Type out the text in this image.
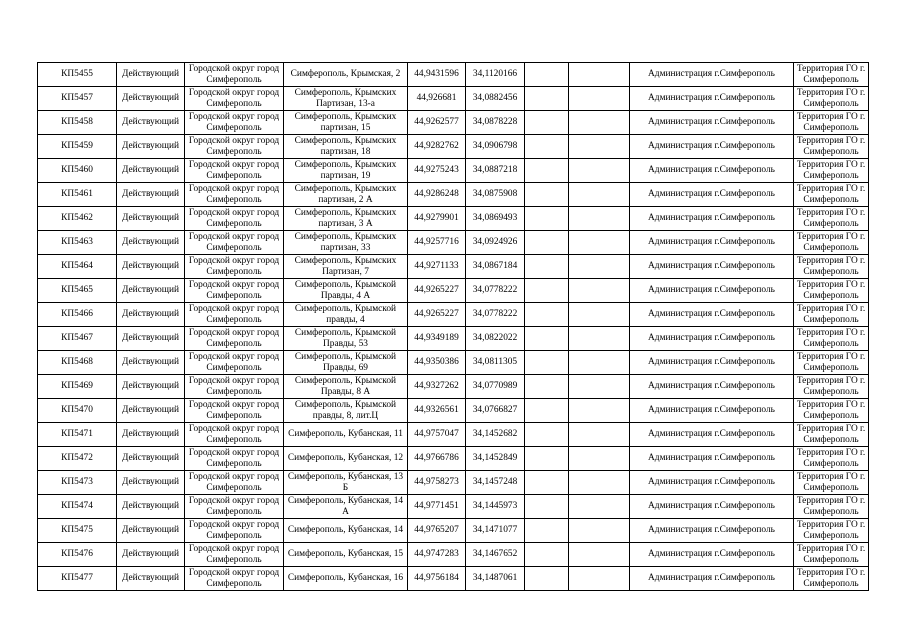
КП5455	Действующий	Городской округ город Симферополь	Симферополь, Крымская, 2	44,9431596	34,1120166			Администрация г.Симферополь	Территория ГО г. Симферополь
КП5457	Действующий	Городской округ город Симферополь	Симферополь, Крымских Партизан, 13-а	44,926681	34,0882456			Администрация г.Симферополь	Территория ГО г. Симферополь
КП5458	Действующий	Городской округ город Симферополь	Симферополь, Крымских партизан, 15	44,9262577	34,0878228			Администрация г.Симферополь	Территория ГО г. Симферополь
КП5459	Действующий	Городской округ город Симферополь	Симферополь, Крымских партизан, 18	44,9282762	34,0906798			Администрация г.Симферополь	Территория ГО г. Симферополь
КП5460	Действующий	Городской округ город Симферополь	Симферополь, Крымских партизан, 19	44,9275243	34,0887218			Администрация г.Симферополь	Территория ГО г. Симферополь
КП5461	Действующий	Городской округ город Симферополь	Симферополь, Крымских партизан, 2 А	44,9286248	34,0875908			Администрация г.Симферополь	Территория ГО г. Симферополь
КП5462	Действующий	Городской округ город Симферополь	Симферополь, Крымских партизан, 3 А	44,9279901	34,0869493			Администрация г.Симферополь	Территория ГО г. Симферополь
КП5463	Действующий	Городской округ город Симферополь	Симферополь, Крымских партизан, 33	44,9257716	34,0924926			Администрация г.Симферополь	Территория ГО г. Симферополь
КП5464	Действующий	Городской округ город Симферополь	Симферополь, Крымских Партизан, 7	44,9271133	34,0867184			Администрация г.Симферополь	Территория ГО г. Симферополь
КП5465	Действующий	Городской округ город Симферополь	Симферополь, Крымской Правды, 4 А	44,9265227	34,0778222			Администрация г.Симферополь	Территория ГО г. Симферополь
КП5466	Действующий	Городской округ город Симферополь	Симферополь, Крымской правды, 4	44,9265227	34,0778222			Администрация г.Симферополь	Территория ГО г. Симферополь
КП5467	Действующий	Городской округ город Симферополь	Симферополь, Крымской Правды, 53	44,9349189	34,0822022			Администрация г.Симферополь	Территория ГО г. Симферополь
КП5468	Действующий	Городской округ город Симферополь	Симферополь, Крымской Правды, 69	44,9350386	34,0811305			Администрация г.Симферополь	Территория ГО г. Симферополь
КП5469	Действующий	Городской округ город Симферополь	Симферополь, Крымской Правды, 8 А	44,9327262	34,0770989			Администрация г.Симферополь	Территория ГО г. Симферополь
КП5470	Действующий	Городской округ город Симферополь	Симферополь, Крымской правды, 8, лит.Ц	44,9326561	34,0766827			Администрация г.Симферополь	Территория ГО г. Симферополь
КП5471	Действующий	Городской округ город Симферополь	Симферополь, Кубанская, 11	44,9757047	34,1452682			Администрация г.Симферополь	Территория ГО г. Симферополь
КП5472	Действующий	Городской округ город Симферополь	Симферополь, Кубанская, 12	44,9766786	34,1452849			Администрация г.Симферополь	Территория ГО г. Симферополь
КП5473	Действующий	Городской округ город Симферополь	Симферополь, Кубанская, 13 Б	44,9758273	34,1457248			Администрация г.Симферополь	Территория ГО г. Симферополь
КП5474	Действующий	Городской округ город Симферополь	Симферополь, Кубанская, 14 А	44,9771451	34,1445973			Администрация г.Симферополь	Территория ГО г. Симферополь
КП5475	Действующий	Городской округ город Симферополь	Симферополь, Кубанская, 14	44,9765207	34,1471077			Администрация г.Симферополь	Территория ГО г. Симферополь
КП5476	Действующий	Городской округ город Симферополь	Симферополь, Кубанская, 15	44,9747283	34,1467652			Администрация г.Симферополь	Территория ГО г. Симферополь
КП5477	Действующий	Городской округ город Симферополь	Симферополь, Кубанская, 16	44,9756184	34,1487061			Администрация г.Симферополь	Территория ГО г. Симферополь
